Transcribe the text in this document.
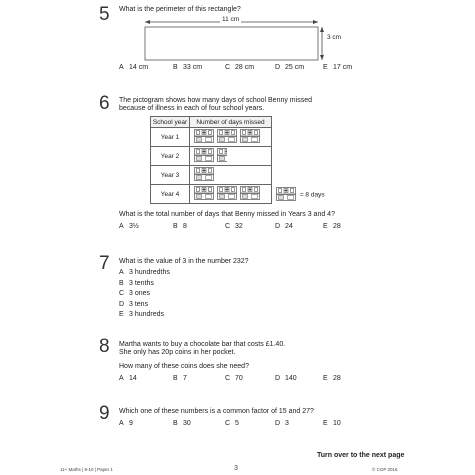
5 What is the perimeter of this rectangle?
11 cm
3 cm
A 14 cm	B 33 cm	C 28 cm	D 25 cm	E 17 cm
6 The pictogram shows how many days of school Benny missed
because of illness in each of four school years.
School year	Number of days missed
Year 1	
Year 2	
Year 3	
Year 4		= 8 days
What is the total number of days that Benny missed in Years 3 and 4?
A 3½	B 8	C 32	D 24	E 28
7 What is the value of 3 in the number 232?
A 3 hundredths
B 3 tenths
C 3 ones
D 3 tens
E 3 hundreds
8 Martha wants to buy a chocolate bar that costs £1.40.
She only has 20p coins in her pocket.
How many of these coins does she need?
A 14	B 7	C 70	D 140	E 28
9 Which one of these numbers is a common factor of 15 and 27?
A 9	B 30	C 5	D 3	E 10
Turn over to the next page
11+ Maths | 8-10 | Paper 1	3	© CGP 2016
